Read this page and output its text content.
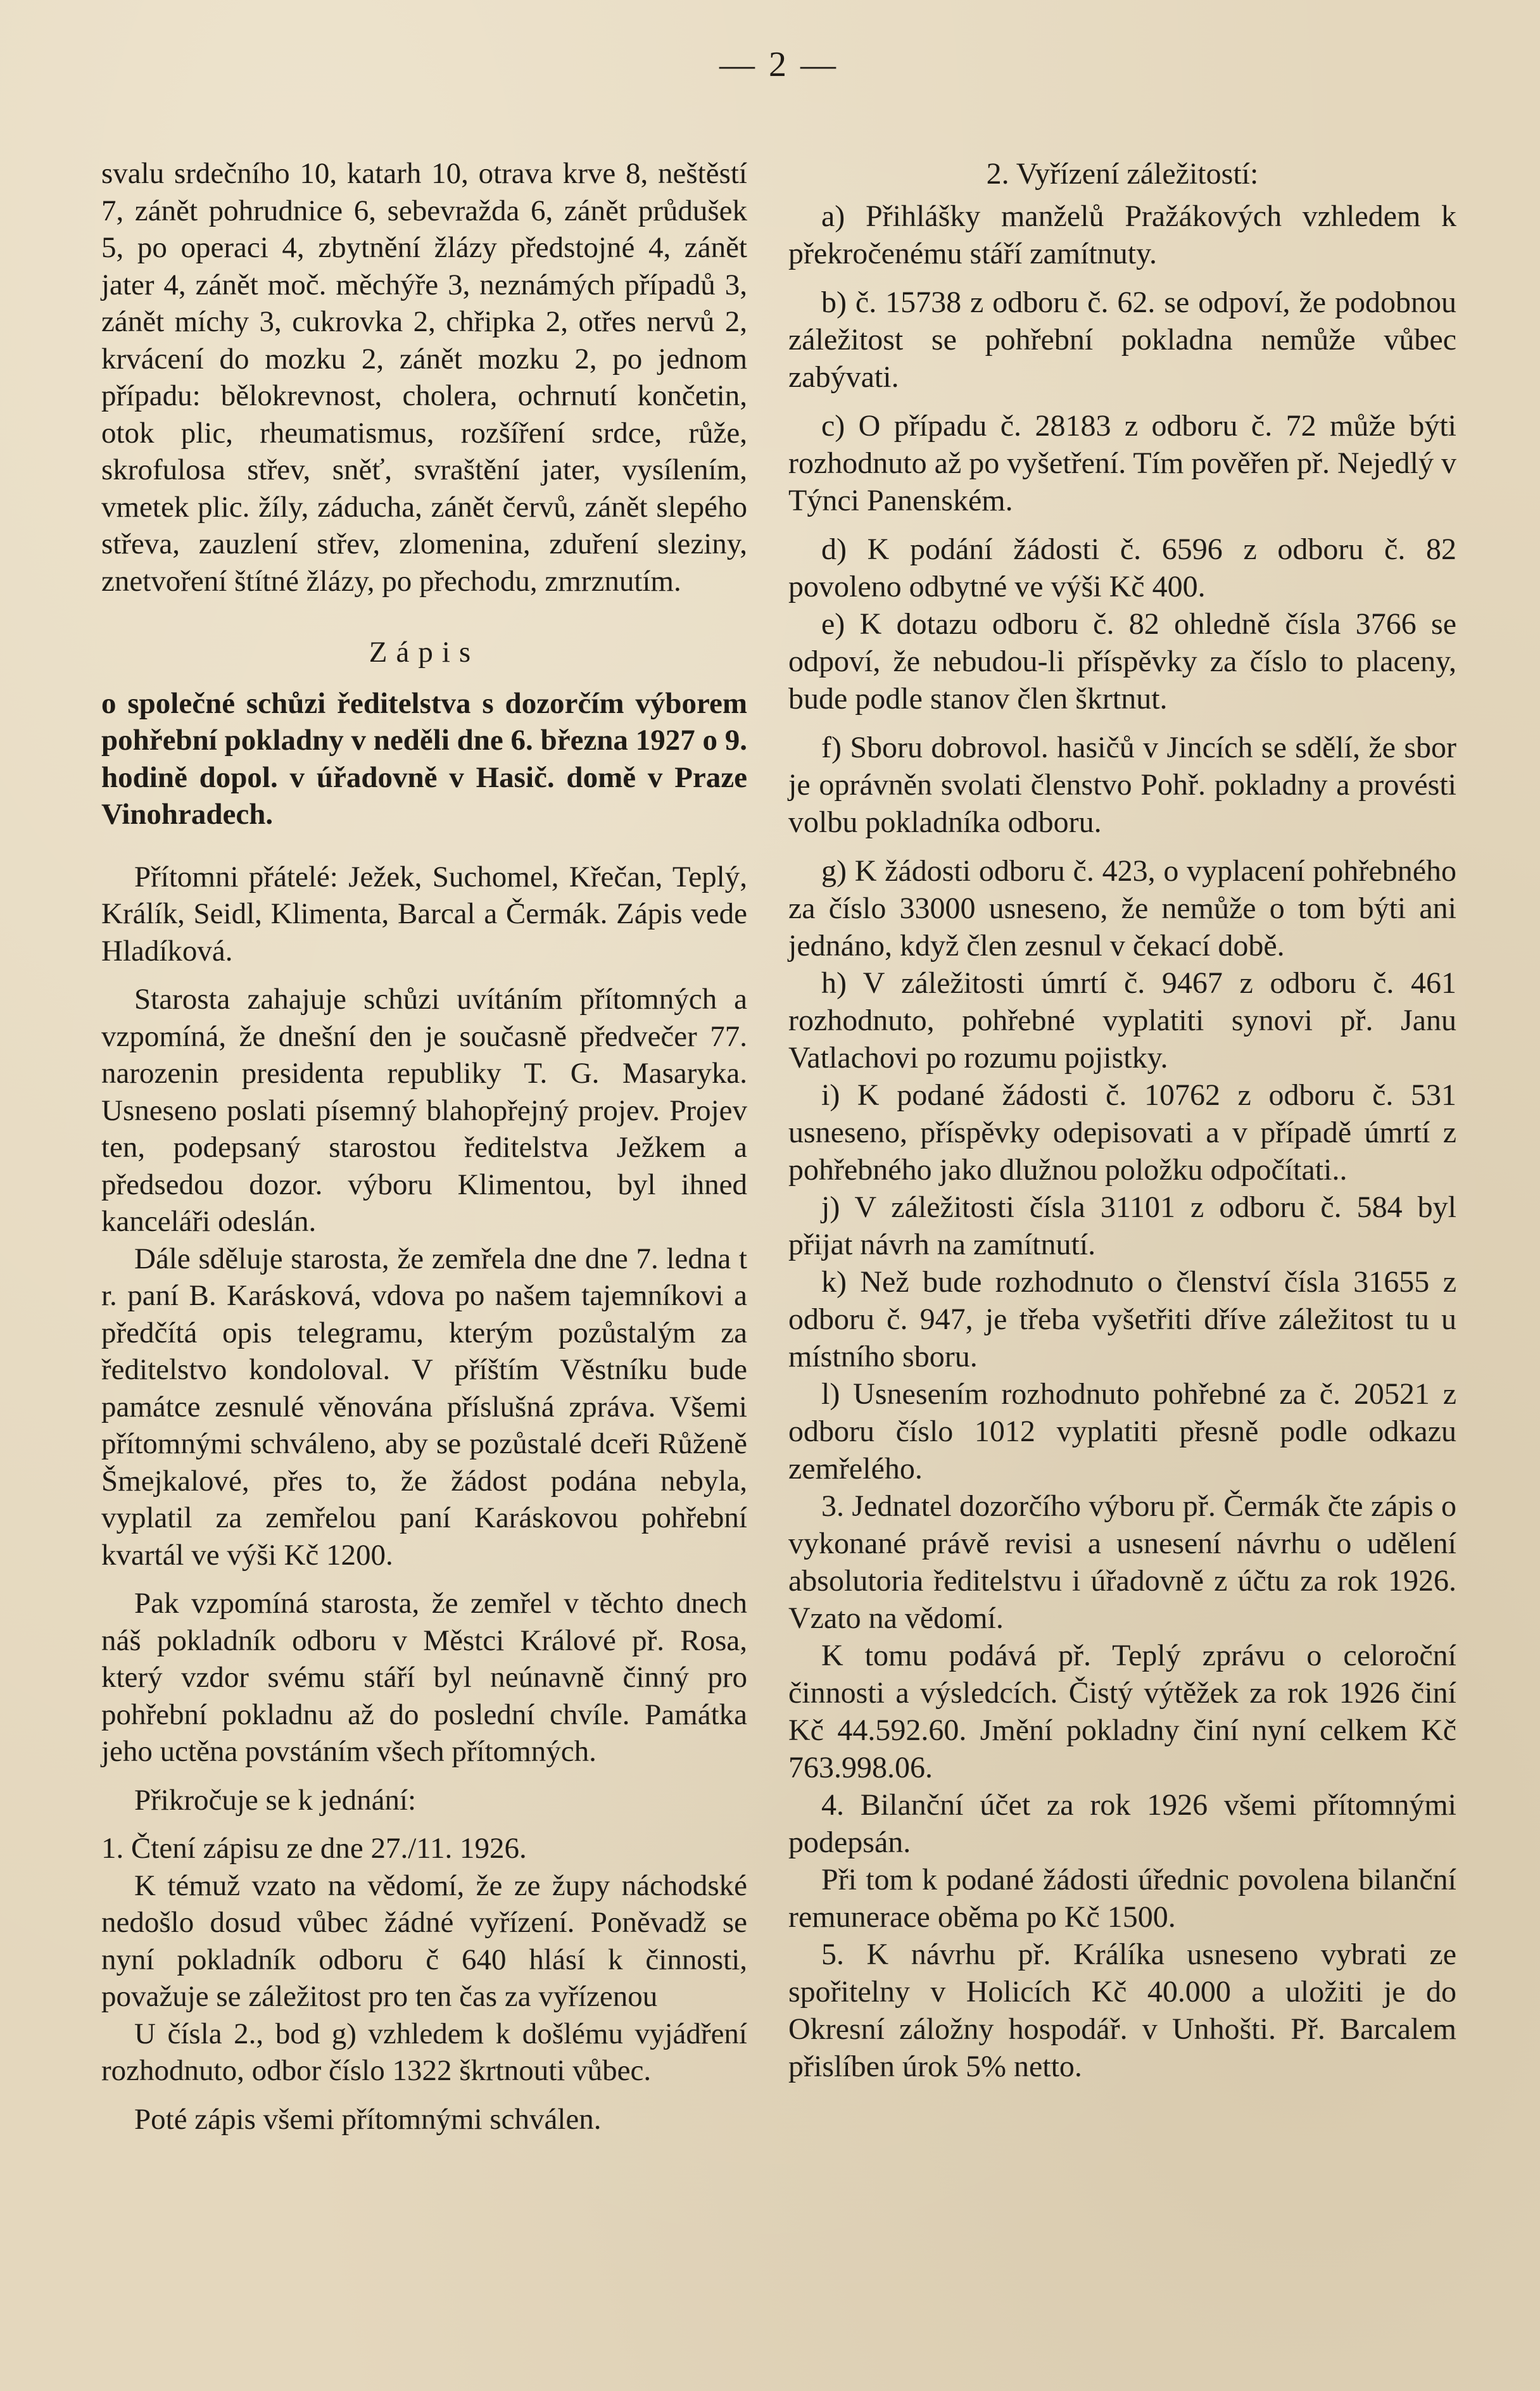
— 2 —

svalu srdečního 10, katarh 10, otrava krve 8, neštěstí 7, zánět pohrudnice 6, sebevražda 6, zánět průdušek 5, po operaci 4, zbytnění žlázy předstojné 4, zánět jater 4, zánět moč. měchýře 3, neznámých případů 3, zánět míchy 3, cukrovka 2, chřipka 2, otřes nervů 2, krvácení do mozku 2, zánět mozku 2, po jednom případu: bělokrevnost, cholera, ochrnutí končetin, otok plic, rheumatismus, rozšíření srdce, růže, skrofulosa střev, sněť, svraštění jater, vysílením, vmetek plic. žíly, záducha, zánět červů, zánět slepého střeva, zauzlení střev, zlomenina, zduření sleziny, znetvoření štítné žlázy, po přechodu, zmrznutím.

Zápis

o společné schůzi ředitelstva s dozorčím výborem pohřební pokladny v neděli dne 6. března 1927 o 9. hodině dopol. v úřadovně v Hasič. domě v Praze Vinohradech.

Přítomni přátelé: Ježek, Suchomel, Křečan, Teplý, Králík, Seidl, Klimenta, Barcal a Čermák. Zápis vede Hladíková.

Starosta zahajuje schůzi uvítáním přítomných a vzpomíná, že dnešní den je současně předvečer 77. narozenin presidenta republiky T. G. Masaryka. Usneseno poslati písemný blahopřejný projev. Projev ten, podepsaný starostou ředitelstva Ježkem a předsedou dozor. výboru Klimentou, byl ihned kanceláři odeslán.

Dále sděluje starosta, že zemřela dne dne 7. ledna t r. paní B. Karásková, vdova po našem tajemníkovi a předčítá opis telegramu, kterým pozůstalým za ředitelstvo kondoloval. V příštím Věstníku bude památce zesnulé věnována příslušná zpráva. Všemi přítomnými schváleno, aby se pozůstalé dceři Růženě Šmejkalové, přes to, že žádost podána nebyla, vyplatil za zemřelou paní Karáskovou pohřební kvartál ve výši Kč 1200.

Pak vzpomíná starosta, že zemřel v těchto dnech náš pokladník odboru v Městci Králové př. Rosa, který vzdor svému stáří byl neúnavně činný pro pohřební pokladnu až do poslední chvíle. Památka jeho uctěna povstáním všech přítomných.

Přikročuje se k jednání:

1. Čtení zápisu ze dne 27./11. 1926.

K témuž vzato na vědomí, že ze župy náchodské nedošlo dosud vůbec žádné vyřízení. Poněvadž se nyní pokladník odboru č 640 hlásí k činnosti, považuje se záležitost pro ten čas za vyřízenou

U čísla 2., bod g) vzhledem k došlému vyjádření rozhodnuto, odbor číslo 1322 škrtnouti vůbec.

Poté zápis všemi přítomnými schválen.

2. Vyřízení záležitostí:

a) Přihlášky manželů Pražákových vzhledem k překročenému stáří zamítnuty.

b) č. 15738 z odboru č. 62. se odpoví, že podobnou záležitost se pohřební pokladna nemůže vůbec zabývati.

c) O případu č. 28183 z odboru č. 72 může býti rozhodnuto až po vyšetření. Tím pověřen př. Nejedlý v Týnci Panenském.

d) K podání žádosti č. 6596 z odboru č. 82 povoleno odbytné ve výši Kč 400.

e) K dotazu odboru č. 82 ohledně čísla 3766 se odpoví, že nebudou-li příspěvky za číslo to placeny, bude podle stanov člen škrtnut.

f) Sboru dobrovol. hasičů v Jincích se sdělí, že sbor je oprávněn svolati členstvo Pohř. pokladny a provésti volbu pokladníka odboru.

g) K žádosti odboru č. 423, o vyplacení pohřebného za číslo 33000 usneseno, že nemůže o tom býti ani jednáno, když člen zesnul v čekací době.

h) V záležitosti úmrtí č. 9467 z odboru č. 461 rozhodnuto, pohřebné vyplatiti synovi př. Janu Vatlachovi po rozumu pojistky.

i) K podané žádosti č. 10762 z odboru č. 531 usneseno, příspěvky odepisovati a v případě úmrtí z pohřebného jako dlužnou položku odpočítati..

j) V záležitosti čísla 31101 z odboru č. 584 byl přijat návrh na zamítnutí.

k) Než bude rozhodnuto o členství čísla 31655 z odboru č. 947, je třeba vyšetřiti dříve záležitost tu u místního sboru.

l) Usnesením rozhodnuto pohřebné za č. 20521 z odboru číslo 1012 vyplatiti přesně podle odkazu zemřelého.

3. Jednatel dozorčího výboru př. Čermák čte zápis o vykonané právě revisi a usnesení návrhu o udělení absolutoria ředitelstvu i úřadovně z účtu za rok 1926. Vzato na vědomí.

K tomu podává př. Teplý zprávu o celoroční činnosti a výsledcích. Čistý výtěžek za rok 1926 činí Kč 44.592.60. Jmění pokladny činí nyní celkem Kč 763.998.06.

4. Bilanční účet za rok 1926 všemi přítomnými podepsán.

Při tom k podané žádosti úřednic povolena bilanční remunerace oběma po Kč 1500.

5. K návrhu př. Králíka usneseno vybrati ze spořitelny v Holicích Kč 40.000 a uložiti je do Okresní záložny hospodář. v Unhošti. Př. Barcalem přislíben úrok 5% netto.
